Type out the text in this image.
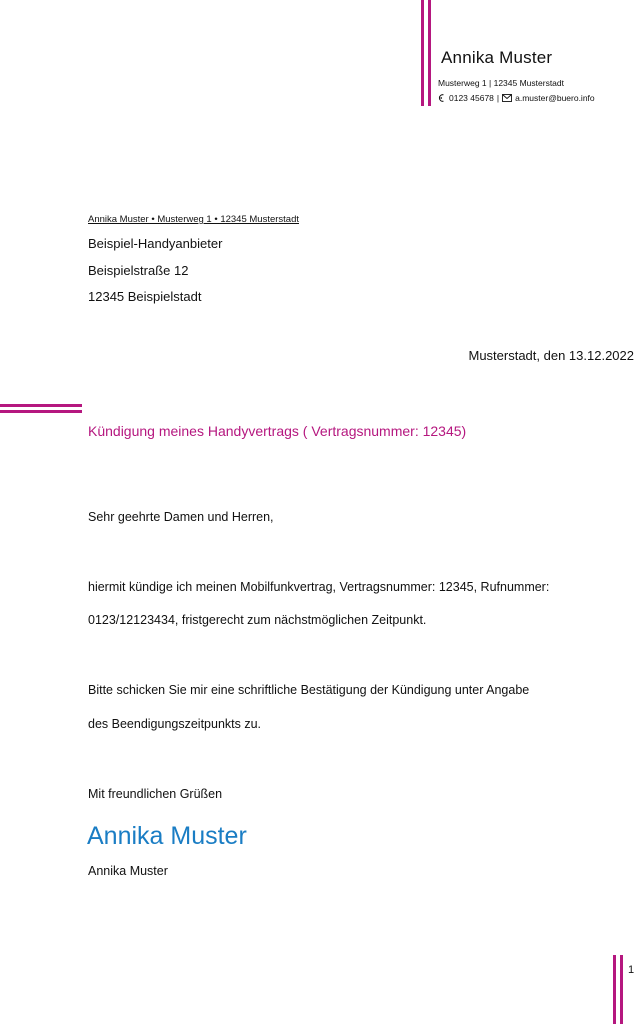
Annika Muster
Musterweg 1 | 12345 Musterstadt
0123 45678 | a.muster@buero.info
Annika Muster • Musterweg 1 • 12345 Musterstadt
Beispiel-Handyanbieter
Beispielstraße 12
12345 Beispielstadt
Musterstadt, den 13.12.2022
Kündigung meines Handyvertrags ( Vertragsnummer: 12345)
Sehr geehrte Damen und Herren,
hiermit kündige ich meinen Mobilfunkvertrag, Vertragsnummer: 12345, Rufnummer:
0123/12123434, fristgerecht zum nächstmöglichen Zeitpunkt.
Bitte schicken Sie mir eine schriftliche Bestätigung der Kündigung unter Angabe
des Beendigungszeitpunkts zu.
Mit freundlichen Grüßen
Annika Muster
Annika Muster
1
